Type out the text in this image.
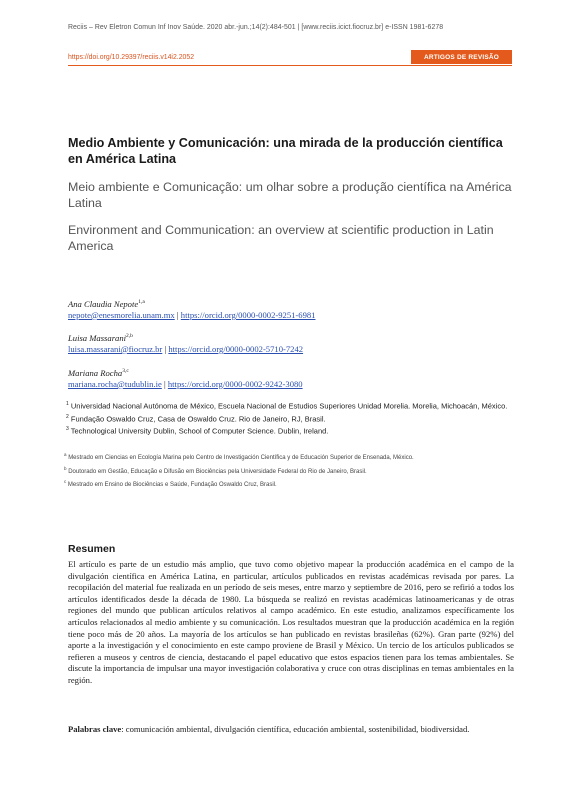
Reciis – Rev Eletron Comun Inf Inov Saúde. 2020 abr.-jun.;14(2):484-501 | [www.reciis.icict.fiocruz.br] e-ISSN 1981-6278
https://doi.org/10.29397/reciis.v14i2.2052	ARTIGOS DE REVISÃO
Medio Ambiente y Comunicación: una mirada de la producción científica en América Latina
Meio ambiente e Comunicação: um olhar sobre a produção científica na América Latina
Environment and Communication: an overview at scientific production in Latin America
Ana Claudia Nepote$^{1,a}$
nepote@enesmorelia.unam.mx | https://orcid.org/0000-0002-9251-6981
Luisa Massarani$^{2,b}$
luisa.massarani@fiocruz.br | https://orcid.org/0000-0002-5710-7242
Mariana Rocha$^{3,c}$
mariana.rocha@tudublin.ie | https://orcid.org/0000-0002-9242-3080
$^1$ Universidad Nacional Autónoma de México, Escuela Nacional de Estudios Superiores Unidad Morelia. Morelia, Michoacán, México.
$^2$ Fundação Oswaldo Cruz, Casa de Oswaldo Cruz. Rio de Janeiro, RJ, Brasil.
$^3$ Technological University Dublin, School of Computer Science. Dublin, Ireland.
$^a$ Mestrado em Ciencias en Ecología Marina pelo Centro de Investigación Científica y de Educación Superior de Ensenada, México.
$^b$ Doutorado em Gestão, Educação e Difusão em Biociências pela Universidade Federal do Rio de Janeiro, Brasil.
$^c$ Mestrado em Ensino de Biociências e Saúde, Fundação Oswaldo Cruz, Brasil.
Resumen
El artículo es parte de un estudio más amplio, que tuvo como objetivo mapear la producción académica en el campo de la divulgación científica en América Latina, en particular, artículos publicados en revistas académicas revisada por pares. La recopilación del material fue realizada en un período de seis meses, entre marzo y septiembre de 2016, pero se refirió a todos los artículos identificados desde la década de 1980. La búsqueda se realizó en revistas académicas latinoamericanas y de otras regiones del mundo que publican artículos relativos al campo académico. En este estudio, analizamos específicamente los artículos relacionados al medio ambiente y su comunicación. Los resultados muestran que la producción académica en la región tiene poco más de 20 años. La mayoría de los artículos se han publicado en revistas brasileñas (62%). Gran parte (92%) del aporte a la investigación y el conocimiento en este campo proviene de Brasil y México. Un tercio de los artículos publicados se refieren a museos y centros de ciencia, destacando el papel educativo que estos espacios tienen para los temas ambientales. Se discute la importancia de impulsar una mayor investigación colaborativa y cruce con otras disciplinas en temas ambientales en la región.
Palabras clave: comunicación ambiental, divulgación científica, educación ambiental, sostenibilidad, biodiversidad.
